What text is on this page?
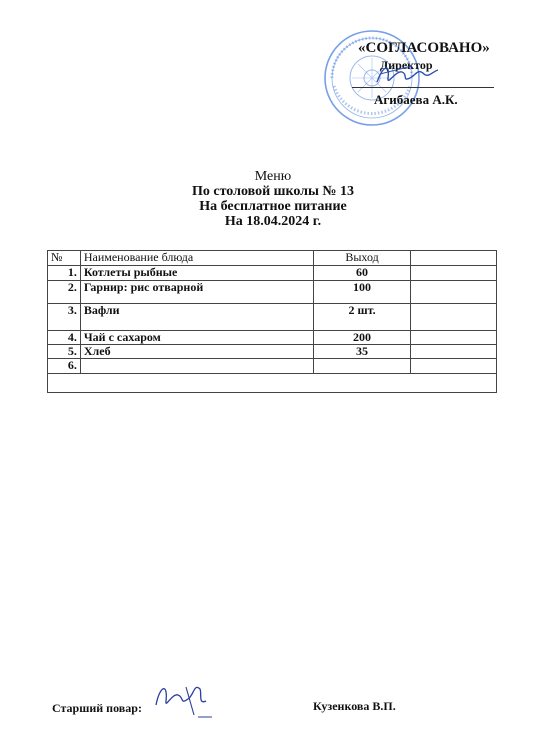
«СОГЛАСОВАНО»
Директор
Агибаева А.К.
Меню
По столовой школы № 13
На бесплатное питание
На 18.04.2024 г.
№	Наименование блюда	Выход	
1.	Котлеты рыбные	60	
2.	Гарнир: рис отварной	100	
3.	Вафли	2 шт.	
4.	Чай с сахаром	200	
5.	Хлеб	35	
6.			

Старший повар:	Кузенкова В.П.
